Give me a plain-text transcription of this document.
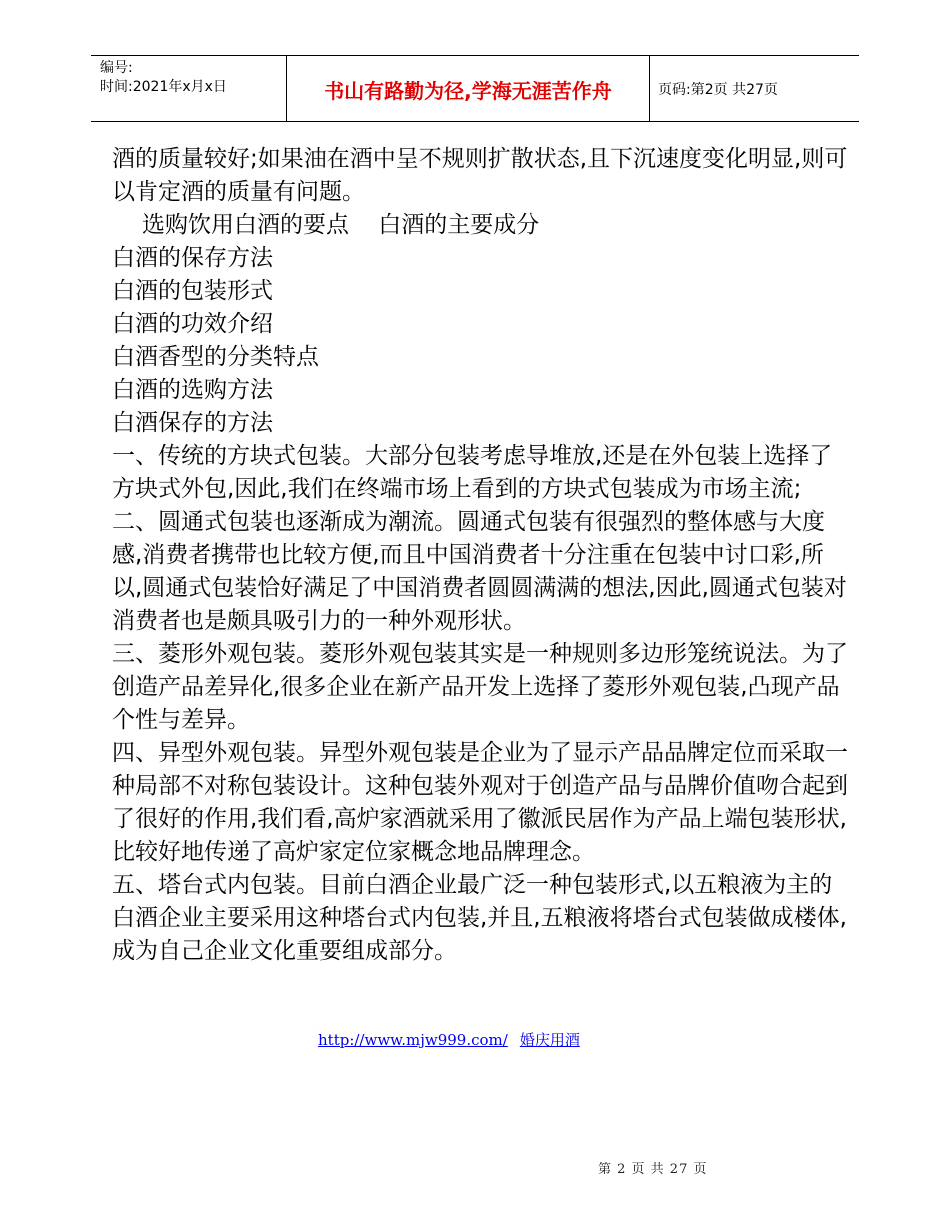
编号:
时间:2021年x月x日	书山有路勤为径,学海无涯苦作舟	页码:第2页 共27页

酒的质量较好;如果油在酒中呈不规则扩散状态,且下沉速度变化明显,则可以肯定酒的质量有问题。

选购饮用白酒的要点    白酒的主要成分

白酒的保存方法

白酒的包装形式

白酒的功效介绍

白酒香型的分类特点

白酒的选购方法

白酒保存的方法

一、传统的方块式包装。大部分包装考虑导堆放,还是在外包装上选择了方块式外包,因此,我们在终端市场上看到的方块式包装成为市场主流;

二、圆通式包装也逐渐成为潮流。圆通式包装有很强烈的整体感与大度感,消费者携带也比较方便,而且中国消费者十分注重在包装中讨口彩,所以,圆通式包装恰好满足了中国消费者圆圆满满的想法,因此,圆通式包装对消费者也是颇具吸引力的一种外观形状。

三、菱形外观包装。菱形外观包装其实是一种规则多边形笼统说法。为了创造产品差异化,很多企业在新产品开发上选择了菱形外观包装,凸现产品个性与差异。

四、异型外观包装。异型外观包装是企业为了显示产品品牌定位而采取一种局部不对称包装设计。这种包装外观对于创造产品与品牌价值吻合起到了很好的作用,我们看,高炉家酒就采用了徽派民居作为产品上端包装形状,比较好地传递了高炉家定位家概念地品牌理念。

五、塔台式内包装。目前白酒企业最广泛一种包装形式,以五粮液为主的白酒企业主要采用这种塔台式内包装,并且,五粮液将塔台式包装做成楼体,成为自己企业文化重要组成部分。

http://www.mjw999.com/ 婚庆用酒
第 2 页 共 27 页
